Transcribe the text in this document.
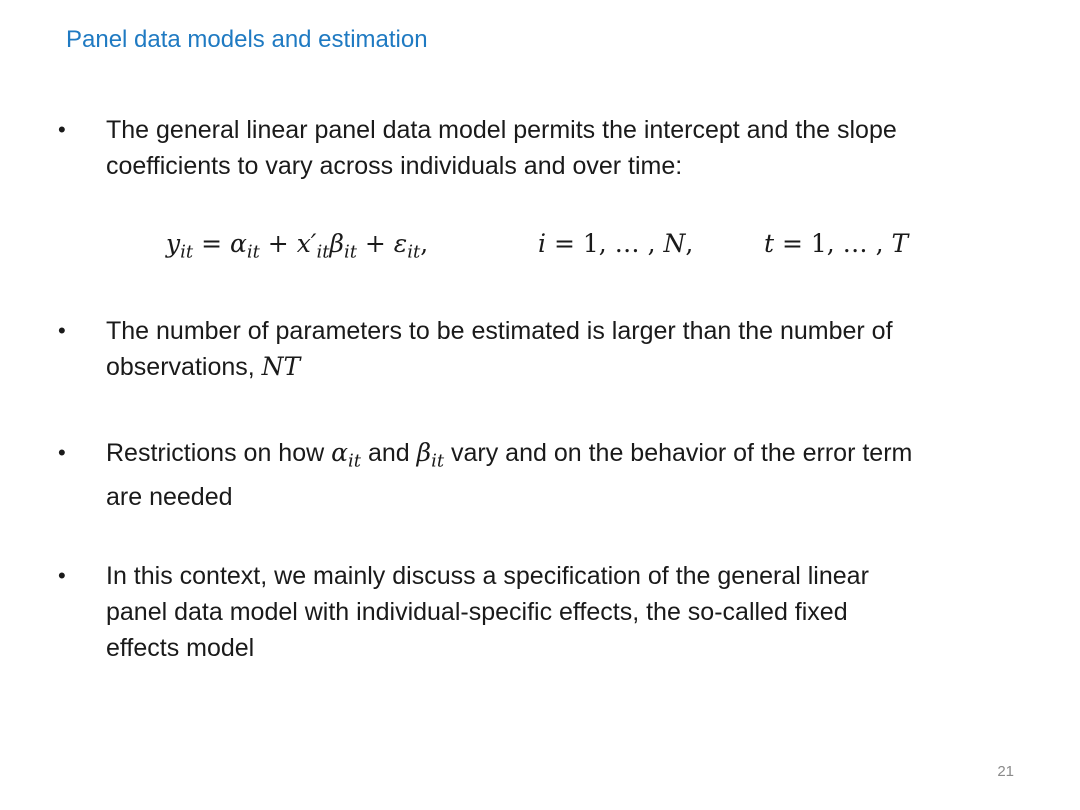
Panel data models and estimation
•	The general linear panel data model permits the intercept and the slope
coefficients to vary across individuals and over time:
$y_{it} = \alpha_{it} + x'_{it}\beta_{it} + \varepsilon_{it}$,	i = 1, … , N,	t = 1, … , T
•	The number of parameters to be estimated is larger than the number of
observations, NT
•	Restrictions on how $\alpha_{it}$ and $\beta_{it}$ vary and on the behavior of the error term
are needed
•	In this context, we mainly discuss a specification of the general linear
panel data model with individual-specific effects, the so-called fixed
effects model
21
